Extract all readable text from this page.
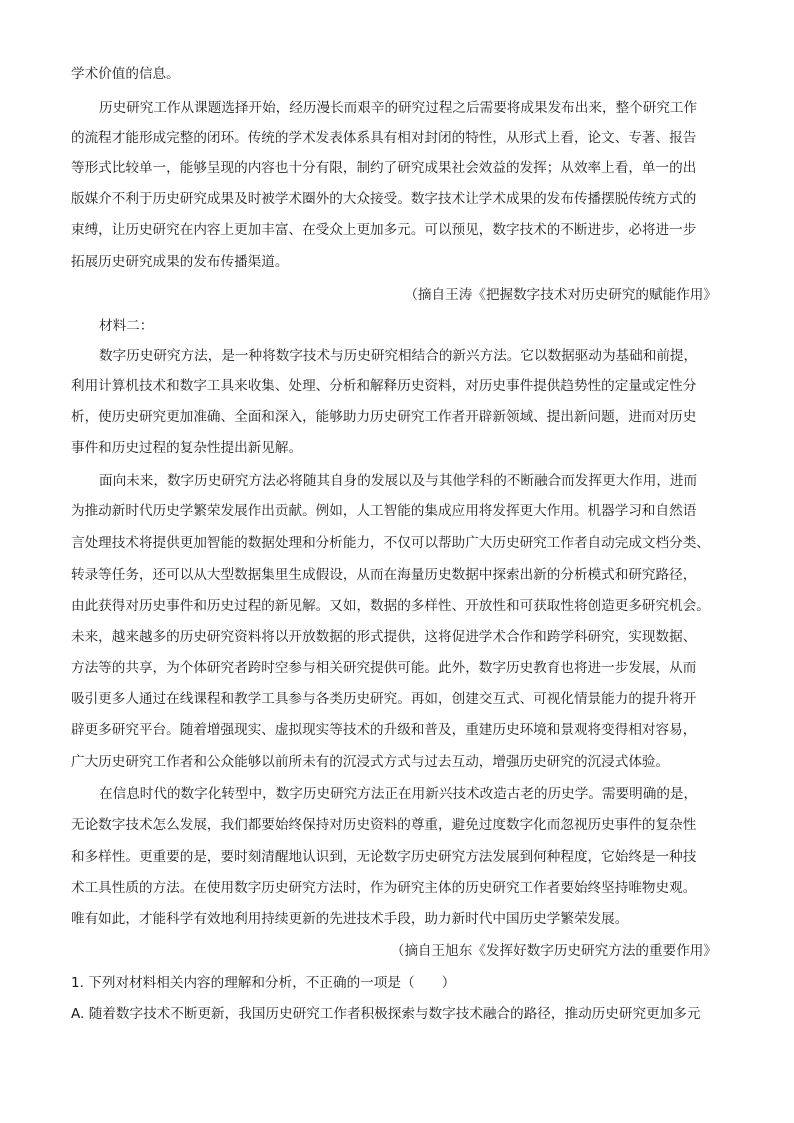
学术价值的信息。

历史研究工作从课题选择开始，经历漫长而艰辛的研究过程之后需要将成果发布出来，整个研究工作

的流程才能形成完整的闭环。传统的学术发表体系具有相对封闭的特性，从形式上看，论文、专著、报告

等形式比较单一，能够呈现的内容也十分有限，制约了研究成果社会效益的发挥；从效率上看，单一的出

版媒介不利于历史研究成果及时被学术圈外的大众接受。数字技术让学术成果的发布传播摆脱传统方式的

束缚，让历史研究在内容上更加丰富、在受众上更加多元。可以预见，数字技术的不断进步，必将进一步

拓展历史研究成果的发布传播渠道。

（摘自王涛《把握数字技术对历史研究的赋能作用》

材料二：

数字历史研究方法，是一种将数字技术与历史研究相结合的新兴方法。它以数据驱动为基础和前提，

利用计算机技术和数字工具来收集、处理、分析和解释历史资料，对历史事件提供趋势性的定量或定性分

析，使历史研究更加准确、全面和深入，能够助力历史研究工作者开辟新领域、提出新问题，进而对历史

事件和历史过程的复杂性提出新见解。

面向未来，数字历史研究方法必将随其自身的发展以及与其他学科的不断融合而发挥更大作用，进而

为推动新时代历史学繁荣发展作出贡献。例如，人工智能的集成应用将发挥更大作用。机器学习和自然语

言处理技术将提供更加智能的数据处理和分析能力，不仅可以帮助广大历史研究工作者自动完成文档分类、

转录等任务，还可以从大型数据集里生成假设，从而在海量历史数据中探索出新的分析模式和研究路径，

由此获得对历史事件和历史过程的新见解。又如，数据的多样性、开放性和可获取性将创造更多研究机会。

未来，越来越多的历史研究资料将以开放数据的形式提供，这将促进学术合作和跨学科研究，实现数据、

方法等的共享，为个体研究者跨时空参与相关研究提供可能。此外，数字历史教育也将进一步发展，从而

吸引更多人通过在线课程和教学工具参与各类历史研究。再如，创建交互式、可视化情景能力的提升将开

辟更多研究平台。随着增强现实、虚拟现实等技术的升级和普及，重建历史环境和景观将变得相对容易，

广大历史研究工作者和公众能够以前所未有的沉浸式方式与过去互动，增强历史研究的沉浸式体验。

在信息时代的数字化转型中，数字历史研究方法正在用新兴技术改造古老的历史学。需要明确的是，

无论数字技术怎么发展，我们都要始终保持对历史资料的尊重，避免过度数字化而忽视历史事件的复杂性

和多样性。更重要的是，要时刻清醒地认识到，无论数字历史研究方法发展到何种程度，它始终是一种技

术工具性质的方法。在使用数字历史研究方法时，作为研究主体的历史研究工作者要始终坚持唯物史观。

唯有如此，才能科学有效地利用持续更新的先进技术手段，助力新时代中国历史学繁荣发展。

（摘自王旭东《发挥好数字历史研究方法的重要作用》

1. 下列对材料相关内容的理解和分析，不正确的一项是（　　）

A. 随着数字技术不断更新，我国历史研究工作者积极探索与数字技术融合的路径，推动历史研究更加多元
